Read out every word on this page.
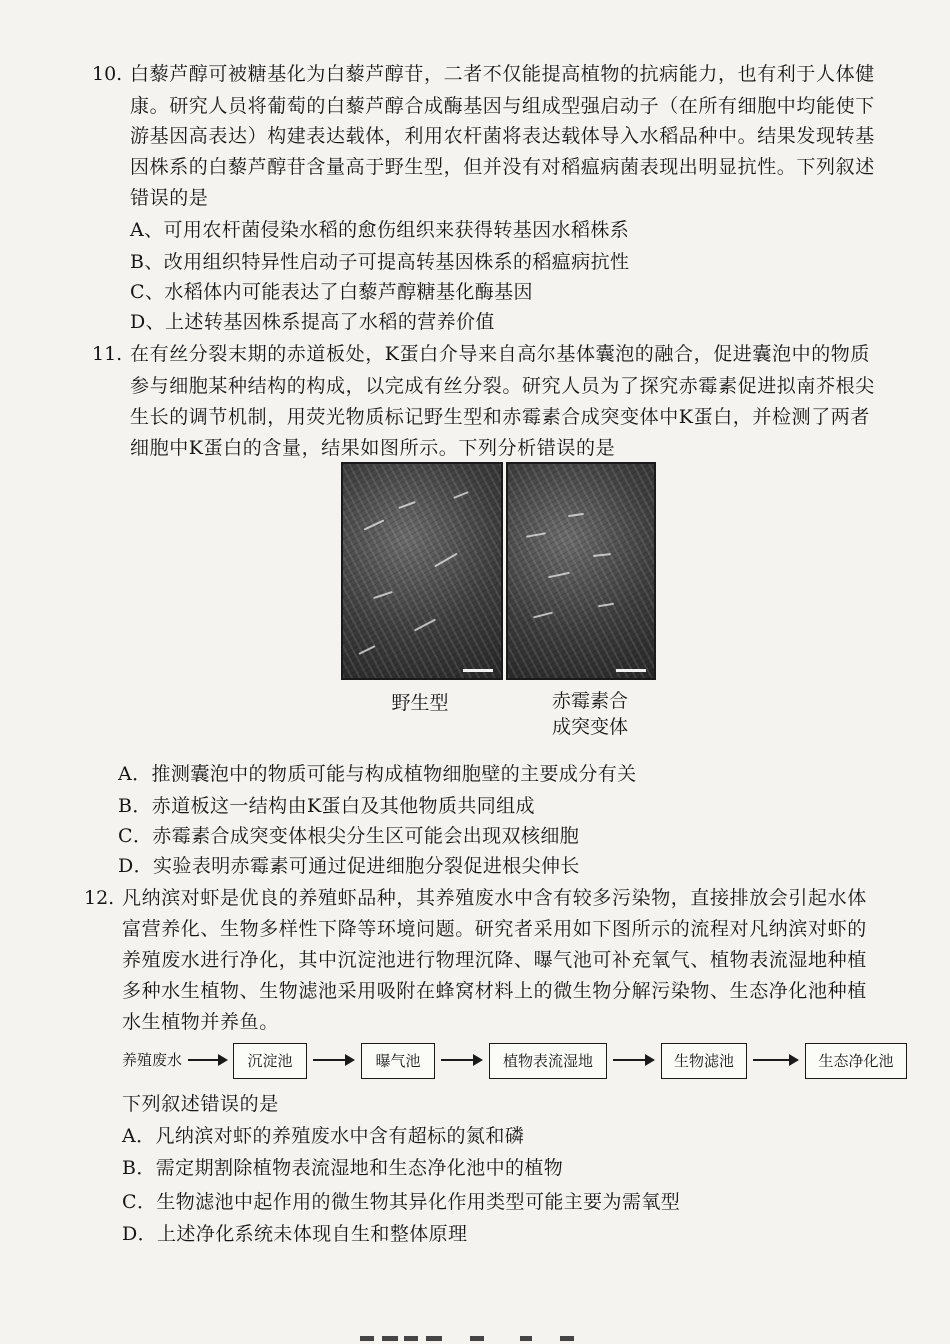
10. 白藜芦醇可被糖基化为白藜芦醇苷，二者不仅能提高植物的抗病能力，也有利于人体健
康。研究人员将葡萄的白藜芦醇合成酶基因与组成型强启动子（在所有细胞中均能使下
游基因高表达）构建表达载体，利用农杆菌将表达载体导入水稻品种中。结果发现转基
因株系的白藜芦醇苷含量高于野生型，但并没有对稻瘟病菌表现出明显抗性。下列叙述
错误的是
A、可用农杆菌侵染水稻的愈伤组织来获得转基因水稻株系
B、改用组织特异性启动子可提高转基因株系的稻瘟病抗性
C、水稻体内可能表达了白藜芦醇糖基化酶基因
D、上述转基因株系提高了水稻的营养价值
11. 在有丝分裂末期的赤道板处，K蛋白介导来自高尔基体囊泡的融合，促进囊泡中的物质
参与细胞某种结构的构成，以完成有丝分裂。研究人员为了探究赤霉素促进拟南芥根尖
生长的调节机制，用荧光物质标记野生型和赤霉素合成突变体中K蛋白，并检测了两者
细胞中K蛋白的含量，结果如图所示。下列分析错误的是
野生型	赤霉素合
成突变体
A．推测囊泡中的物质可能与构成植物细胞壁的主要成分有关
B．赤道板这一结构由K蛋白及其他物质共同组成
C．赤霉素合成突变体根尖分生区可能会出现双核细胞
D．实验表明赤霉素可通过促进细胞分裂促进根尖伸长
12. 凡纳滨对虾是优良的养殖虾品种，其养殖废水中含有较多污染物，直接排放会引起水体
富营养化、生物多样性下降等环境问题。研究者采用如下图所示的流程对凡纳滨对虾的
养殖废水进行净化，其中沉淀池进行物理沉降、曝气池可补充氧气、植物表流湿地种植
多种水生植物、生物滤池采用吸附在蜂窝材料上的微生物分解污染物、生态净化池种植
水生植物并养鱼。
养殖废水	沉淀池	曝气池	植物表流湿地	生物滤池	生态净化池
下列叙述错误的是
A．凡纳滨对虾的养殖废水中含有超标的氮和磷
B．需定期割除植物表流湿地和生态净化池中的植物
C．生物滤池中起作用的微生物其异化作用类型可能主要为需氧型
D．上述净化系统未体现自生和整体原理
